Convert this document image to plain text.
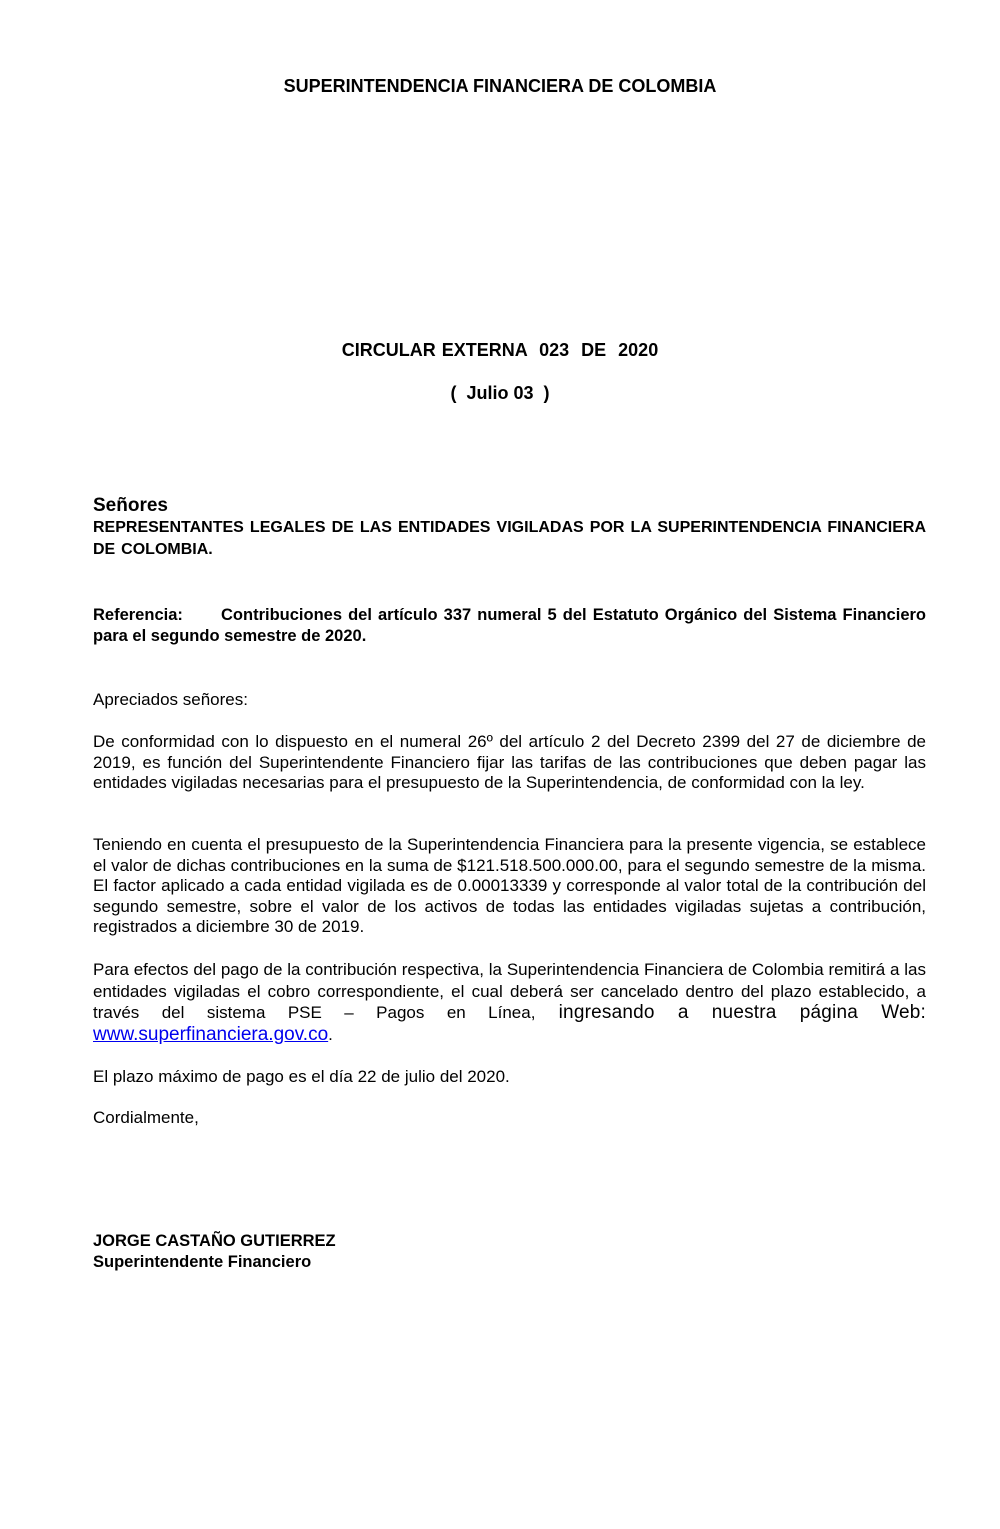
SUPERINTENDENCIA FINANCIERA DE COLOMBIA
CIRCULAR EXTERNA  023  DE  2020
(  Julio 03  )
Señores
REPRESENTANTES LEGALES DE LAS ENTIDADES VIGILADAS POR LA SUPERINTENDENCIA FINANCIERA DE COLOMBIA.
Referencia: Contribuciones del artículo 337 numeral 5 del Estatuto Orgánico del Sistema Financiero para el segundo semestre de 2020.
Apreciados señores:
De conformidad con lo dispuesto en el numeral 26º del artículo 2 del Decreto 2399 del 27 de diciembre de 2019, es función del Superintendente Financiero fijar las tarifas de las contribuciones que deben pagar las entidades vigiladas necesarias para el presupuesto de la Superintendencia, de conformidad con la ley.
Teniendo en cuenta el presupuesto de la Superintendencia Financiera para la presente vigencia, se establece el valor de dichas contribuciones en la suma de $121.518.500.000.00, para el segundo semestre de la misma. El factor aplicado a cada entidad vigilada es de 0.00013339 y corresponde al valor total de la contribución del segundo semestre, sobre el valor de los activos de todas las entidades vigiladas sujetas a contribución, registrados a diciembre 30 de 2019.
Para efectos del pago de la contribución respectiva, la Superintendencia Financiera de Colombia remitirá a las entidades vigiladas el cobro correspondiente, el cual deberá ser cancelado dentro del plazo establecido, a través del sistema PSE – Pagos en Línea, ingresando a nuestra página Web: www.superfinanciera.gov.co.
El plazo máximo de pago es el día 22 de julio del 2020.
Cordialmente,
JORGE CASTAÑO GUTIERREZ
Superintendente Financiero
